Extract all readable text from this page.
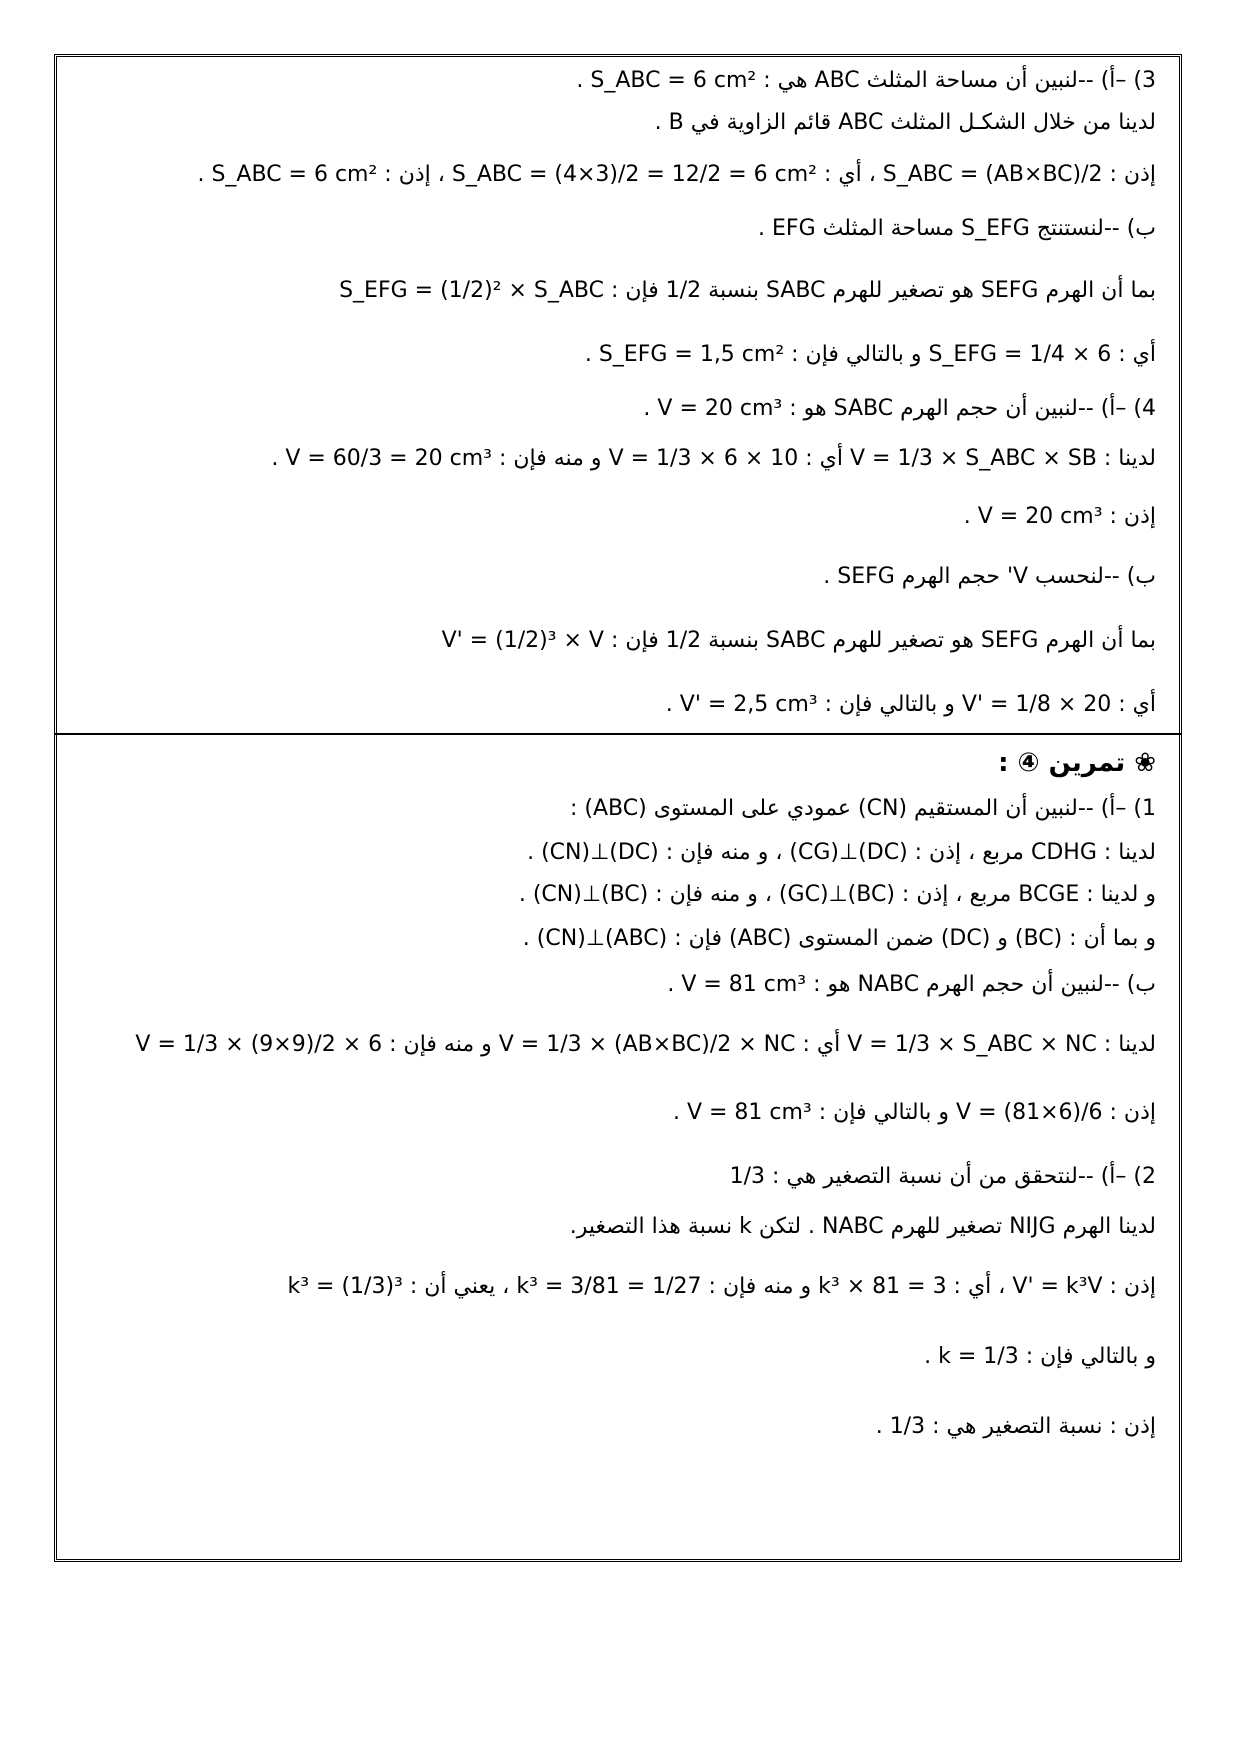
3) –أ) --لنبين أن مساحة المثلث ABC هي : S_ABC = 6 cm² .
لدينا من خلال الشكـل المثلث ABC قائم الزاوية في B .
إذن : S_ABC = (AB×BC)/2 ، أي : S_ABC = (4×3)/2 = 12/2 = 6 cm² ، إذن : S_ABC = 6 cm² .
ب) --لنستنتج S_EFG مساحة المثلث EFG .
بما أن الهرم SEFG هو تصغير للهرم SABC بنسبة 1/2 فإن : S_EFG = (1/2)² × S_ABC
أي : S_EFG = 1/4 × 6 و بالتالي فإن : S_EFG = 1,5 cm² .
4) –أ) --لنبين أن حجم الهرم SABC هو : V = 20 cm³ .
لدينا : V = 1/3 × S_ABC × SB أي : V = 1/3 × 6 × 10 و منه فإن : V = 60/3 = 20 cm³ .
إذن : V = 20 cm³ .
ب) --لنحسب V' حجم الهرم SEFG .
بما أن الهرم SEFG هو تصغير للهرم SABC بنسبة 1/2 فإن : V' = (1/2)³ × V
أي : V' = 1/8 × 20 و بالتالي فإن : V' = 2,5 cm³ .
❀ تمرين ④ :
1) –أ) --لنبين أن المستقيم (CN) عمودي على المستوى (ABC) :
لدينا : CDHG مربع ، إذن : (DC)⊥(CG) ، و منه فإن : (DC)⊥(CN) .
و لدينا : BCGE مربع ، إذن : (BC)⊥(GC) ، و منه فإن : (BC)⊥(CN) .
و بما أن : (BC) و (DC) ضمن المستوى (ABC) فإن : (ABC)⊥(CN) .
ب) --لنبين أن حجم الهرم NABC هو : V = 81 cm³ .
لدينا : V = 1/3 × S_ABC × NC أي : V = 1/3 × (AB×BC)/2 × NC و منه فإن : V = 1/3 × (9×9)/2 × 6
إذن : V = (81×6)/6 و بالتالي فإن : V = 81 cm³ .
2) –أ) --لنتحقق من أن نسبة التصغير هي : 1/3
لدينا الهرم NIJG تصغير للهرم NABC . لتكن k نسبة هذا التصغير.
إذن : V' = k³V ، أي : 3 = k³ × 81 و منه فإن : k³ = 3/81 = 1/27 ، يعني أن : k³ = (1/3)³
و بالتالي فإن : k = 1/3 .
إذن : نسبة التصغير هي : 1/3 .
